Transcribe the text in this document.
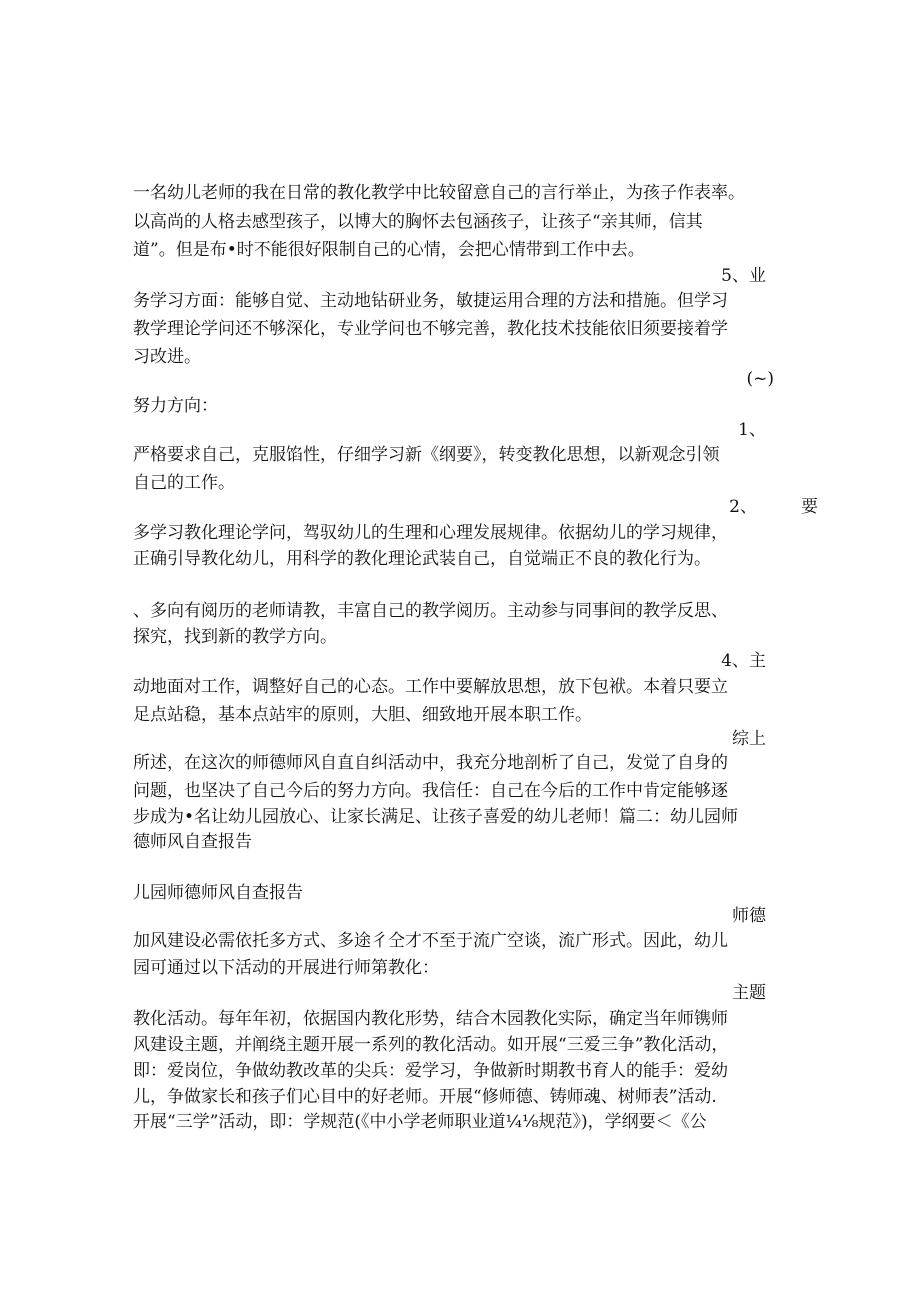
一名幼儿老师的我在日常的教化教学中比较留意自己的言行举止，为孩子作表率。
以高尚的人格去感型孩子，以博大的胸怀去包涵孩子，让孩子“亲其师，信其
道”。但是布•时不能很好限制自己的心情，会把心情带到工作中去。
5、业
务学习方面：能够自觉、主动地钻研业务，敏捷运用合理的方法和措施。但学习
教学理论学问还不够深化，专业学问也不够完善，教化技术技能依旧须要接着学
习改进。
(~)
努力方向：
1、
严格要求自己，克服馅性，仔细学习新《纲要》，转变教化思想，以新观念引领
自己的工作。
2、	要
多学习教化理论学问，驾驭幼儿的生理和心理发展规律。依据幼儿的学习规律，
正确引导教化幼儿，用科学的教化理论武装自己，自觉端正不良的教化行为。
、多向有阅历的老师请教，丰富自己的教学阅历。主动参与同事间的教学反思、
探究，找到新的教学方向。
4、主
动地面对工作，调整好自己的心态。工作中要解放思想，放下包袱。本着只要立
足点站稳，基本点站牢的原则，大胆、细致地开展本职工作。
综上
所述，在这次的师德师风自直自纠活动中，我充分地剖析了自己，发觉了自身的
问题，也坚决了自己今后的努力方向。我信任：自己在今后的工作中肯定能够逐
步成为•名让幼儿园放心、让家长满足、让孩子喜爱的幼儿老师！篇二：幼儿园师
德师风自查报告
儿园师德师风自查报告
师德
加风建设必需依托多方式、多途彳仝才不至于流广空谈，流广形式。因此，幼儿
园可通过以下活动的开展进行师第教化：
主题
教化活动。每年年初，依据国内教化形势，结合木园教化实际，确定当年师镌师
风建设主题，并阐绕主题开展一系列的教化活动。如开展“三爱三争”教化活动，
即：爱岗位，争做幼教改革的尖兵：爱学习，争做新时期教书育人的能手：爱幼
儿，争做家长和孩子们心目中的好老师。开展“修师德、铸师魂、树师表”活动.
开展“三学”活动，即：学规范(《中小学老师职业道¼⅛规范》)，学纲要＜《公
